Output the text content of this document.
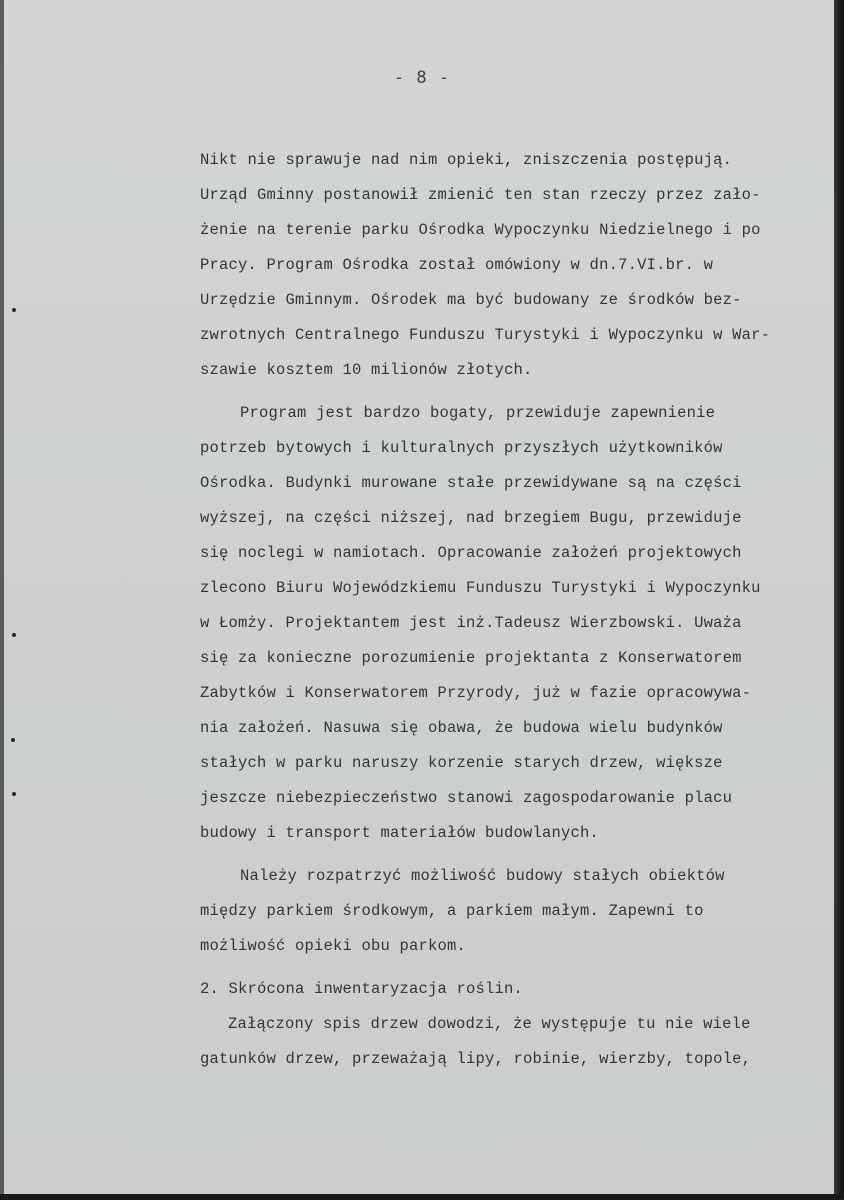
- 8 -
Nikt nie sprawuje nad nim opieki, zniszczenia postępują.
Urząd Gminny postanowił zmienić ten stan rzeczy przez zało-
żenie na terenie parku Ośrodka Wypoczynku Niedzielnego i po
Pracy. Program Ośrodka został omówiony w dn.7.VI.br. w
Urzędzie Gminnym. Ośrodek ma być budowany ze środków bez-
zwrotnych Centralnego Funduszu Turystyki i Wypoczynku w War-
szawie kosztem 10 milionów złotych.
Program jest bardzo bogaty, przewiduje zapewnienie
potrzeb bytowych i kulturalnych przyszłych użytkowników
Ośrodka. Budynki murowane stałe przewidywane są na części
wyższej, na części niższej, nad brzegiem Bugu, przewiduje
się noclegi w namiotach. Opracowanie założeń projektowych
zlecono Biuru Wojewódzkiemu Funduszu Turystyki i Wypoczynku
w Łomży. Projektantem jest inż.Tadeusz Wierzbowski. Uważa
się za konieczne porozumienie projektanta z Konserwatorem
Zabytków i Konserwatorem Przyrody, już w fazie opracowywa-
nia założeń. Nasuwa się obawa, że budowa wielu budynków
stałych w parku naruszy korzenie starych drzew, większe
jeszcze niebezpieczeństwo stanowi zagospodarowanie placu
budowy i transport materiałów budowlanych.
Należy rozpatrzyć możliwość budowy stałych obiektów
między parkiem środkowym, a parkiem małym. Zapewni to
możliwość opieki obu parkom.
2. Skrócona inwentaryzacja roślin.
Załączony spis drzew dowodzi, że występuje tu nie wiele
gatunków drzew, przeważają lipy, robinie, wierzby, topole,
